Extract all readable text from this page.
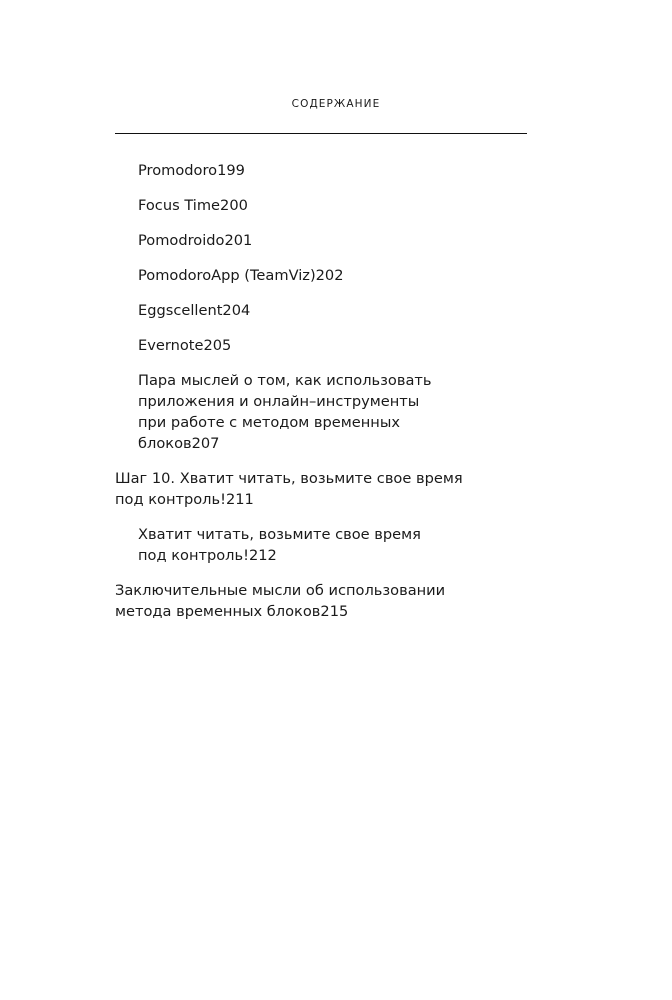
СОДЕРЖАНИЕ
Promodoro 199
Focus Time 200
Pomodroido 201
PomodoroApp (TeamViz) 202
Eggscellent 204
Evernote 205
Пара мыслей о том, как использовать
приложения и онлайн–инструменты
при работе с методом временных
блоков 207
Шаг 10. Хватит читать, возьмите свое время
под контроль! 211
Хватит читать, возьмите свое время
под контроль! 212
Заключительные мысли об использовании
метода временных блоков 215
